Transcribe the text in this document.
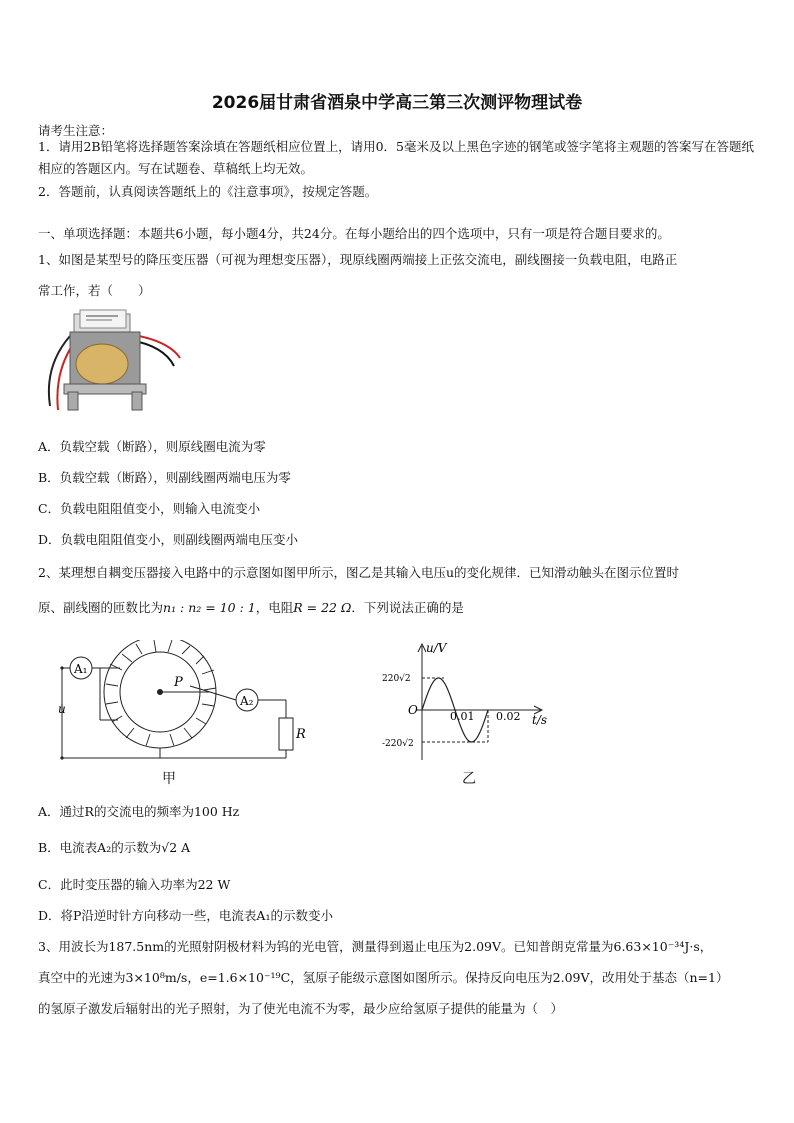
2026届甘肃省酒泉中学高三第三次测评物理试卷
请考生注意：
1．请用2B铅笔将选择题答案涂填在答题纸相应位置上，请用0．5毫米及以上黑色字迹的钢笔或签字笔将主观题的答案写在答题纸相应的答题区内。写在试题卷、草稿纸上均无效。
2．答题前，认真阅读答题纸上的《注意事项》，按规定答题。
一、单项选择题：本题共6小题，每小题4分，共24分。在每小题给出的四个选项中，只有一项是符合题目要求的。
1、如图是某型号的降压变压器（可视为理想变压器），现原线圈两端接上正弦交流电，副线圈接一负载电阻，电路正
常工作，若（　　）
A．负载空载（断路），则原线圈电流为零
B．负载空载（断路），则副线圈两端电压为零
C．负载电阻阻值变小，则输入电流变小
D．负载电阻阻值变小，则副线圈两端电压变小
2、某理想自耦变压器接入电路中的示意图如图甲所示，图乙是其输入电压u的变化规律．已知滑动触头在图示位置时
原、副线圈的匝数比为n₁ : n₂ = 10 : 1，电阻R = 22 Ω．下列说法正确的是
A₁
A₂
u
P
R
甲
u/V
t/s
O
220√2
-220√2
0.01 0.02
乙
A．通过R的交流电的频率为100 Hz
B．电流表A₂的示数为√2 A
C．此时变压器的输入功率为22 W
D．将P沿逆时针方向移动一些，电流表A₁的示数变小
3、用波长为187.5nm的光照射阴极材料为钨的光电管，测量得到遏止电压为2.09V。已知普朗克常量为6.63×10⁻³⁴J·s，
真空中的光速为3×10⁸m/s，e=1.6×10⁻¹⁹C，氢原子能级示意图如图所示。保持反向电压为2.09V，改用处于基态（n=1）
的氢原子激发后辐射出的光子照射，为了使光电流不为零，最少应给氢原子提供的能量为（　）
